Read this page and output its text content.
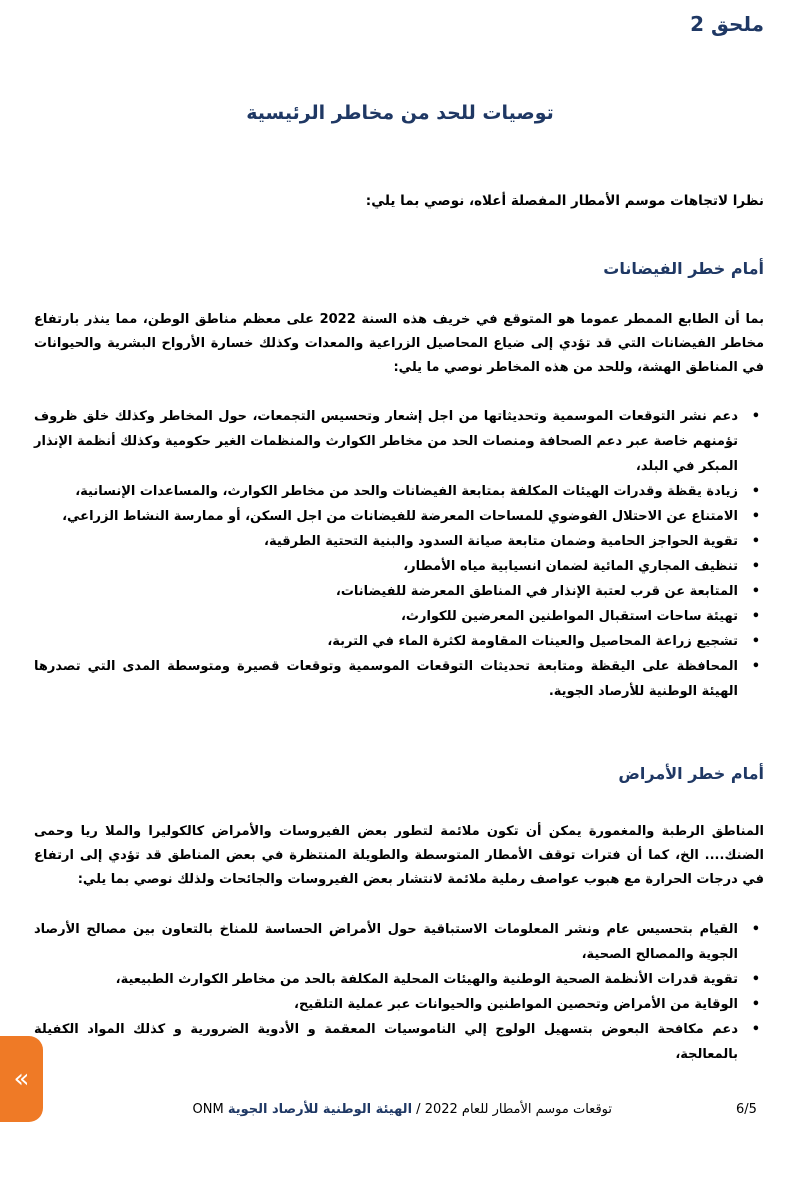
ملحق 2
توصيات للحد من مخاطر الرئيسية
نظرا لاتجاهات موسم الأمطار المفصلة أعلاه، نوصي بما يلي:
أمام خطر الفيضانات
بما أن الطابع الممطر عموما هو المتوقع في خريف هذه السنة 2022 على معظم مناطق الوطن، مما ينذر بارتفاع مخاطر الفيضانات التي قد تؤدي إلى ضياع المحاصيل الزراعية والمعدات وكذلك خسارة الأرواح البشرية والحيوانات في المناطق الهشة، وللحد من هذه المخاطر نوصي ما يلي:
• دعم نشر التوقعات الموسمية وتحديثاتها من اجل إشعار وتحسيس التجمعات، حول المخاطر وكذلك خلق ظروف تؤمنهم خاصة عبر دعم الصحافة ومنصات الحد من مخاطر الكوارث والمنظمات الغير حكومية وكذلك أنظمة الإنذار المبكر في البلد،
• زيادة يقظة وقدرات الهيئات المكلفة بمتابعة الفيضانات والحد من مخاطر الكوارث، والمساعدات الإنسانية،
• الامتناع عن الاحتلال الفوضوي للمساحات المعرضة للفيضانات من اجل السكن، أو ممارسة النشاط الزراعي،
• تقوية الحواجز الحامية وضمان متابعة صيانة السدود والبنية التحتية الطرقية،
• تنظيف المجاري المائية لضمان انسيابية مياه الأمطار،
• المتابعة عن قرب لعتبة الإنذار في المناطق المعرضة للفيضانات،
• تهيئة ساحات استقبال المواطنين المعرضين للكوارث،
• تشجيع زراعة المحاصيل والعينات المقاومة لكثرة الماء في التربة،
• المحافظة على اليقظة ومتابعة تحديثات التوقعات الموسمية وتوقعات قصيرة ومتوسطة المدى التي تصدرها الهيئة الوطنية للأرصاد الجوية.
أمام خطر الأمراض
المناطق الرطبة والمغمورة يمكن أن تكون ملائمة لتطور بعض الفيروسات والأمراض كالكوليرا والملا ريا وحمى الضنك.... الخ، كما أن فترات توقف الأمطار المتوسطة والطويلة المنتظرة في بعض المناطق قد تؤدي إلى ارتفاع في درجات الحرارة مع هبوب عواصف رملية ملائمة لانتشار بعض الفيروسات والجائحات ولذلك نوصي بما يلي:
• القيام بتحسيس عام ونشر المعلومات الاستباقية حول الأمراض الحساسة للمناخ بالتعاون بين مصالح الأرصاد الجوية والمصالح الصحية،
• تقوية قدرات الأنظمة الصحية الوطنية والهيئات المحلية المكلفة بالحد من مخاطر الكوارث الطبيعية،
• الوقاية من الأمراض وتحصين المواطنين والحيوانات عبر عملية التلقيح،
• دعم مكافحة البعوض بتسهيل الولوج إلي الناموسيات المعقمة و الأدوية الضرورية و كذلك المواد الكفيلة بالمعالجة،
»
6/5
توقعات موسم الأمطار للعام 2022 / الهيئة الوطنية للأرصاد الجوية ONM
